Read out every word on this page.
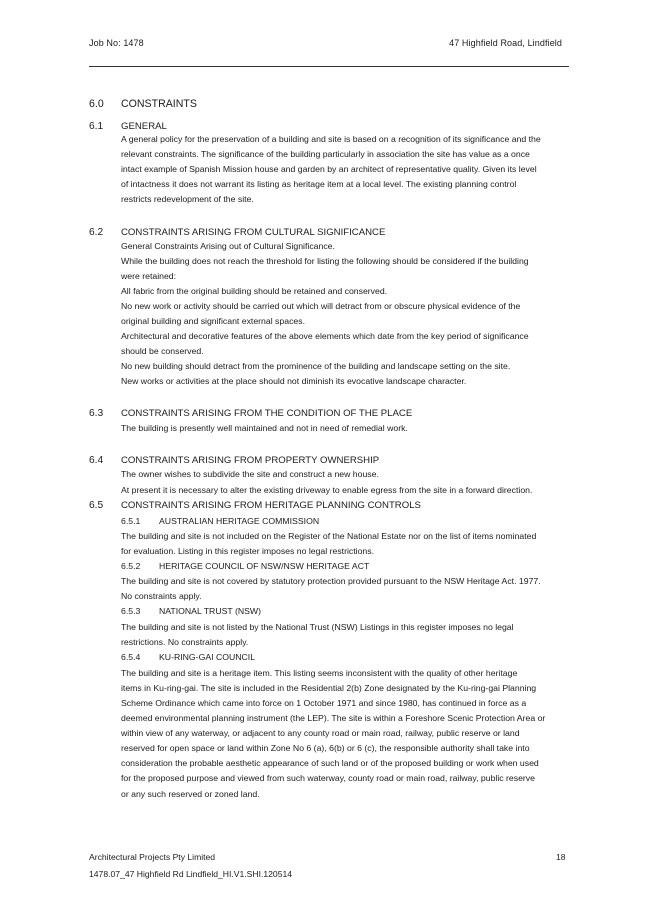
Job No: 1478	47 Highfield Road, Lindfield
6.0 CONSTRAINTS
6.1 GENERAL
A general policy for the preservation of a building and site is based on a recognition of its significance and the
relevant constraints. The significance of the building particularly in association the site has value as a once
intact example of Spanish Mission house and garden by an architect of representative quality. Given its level
of intactness it does not warrant its listing as heritage item at a local level. The existing planning control
restricts redevelopment of the site.
6.2 CONSTRAINTS ARISING FROM CULTURAL SIGNIFICANCE
General Constraints Arising out of Cultural Significance.
While the building does not reach the threshold for listing the following should be considered if the building
were retained:
All fabric from the original building should be retained and conserved.
No new work or activity should be carried out which will detract from or obscure physical evidence of the
original building and significant external spaces.
Architectural and decorative features of the above elements which date from the key period of significance
should be conserved.
No new building should detract from the prominence of the building and landscape setting on the site.
New works or activities at the place should not diminish its evocative landscape character.
6.3 CONSTRAINTS ARISING FROM THE CONDITION OF THE PLACE
The building is presently well maintained and not in need of remedial work.
6.4 CONSTRAINTS ARISING FROM PROPERTY OWNERSHIP
The owner wishes to subdivide the site and construct a new house.
At present it is necessary to alter the existing driveway to enable egress from the site in a forward direction.
6.5 CONSTRAINTS ARISING FROM HERITAGE PLANNING CONTROLS
6.5.1 AUSTRALIAN HERITAGE COMMISSION
The building and site is not included on the Register of the National Estate nor on the list of items nominated
for evaluation. Listing in this register imposes no legal restrictions.
6.5.2 HERITAGE COUNCIL OF NSW/NSW HERITAGE ACT
The building and site is not covered by statutory protection provided pursuant to the NSW Heritage Act. 1977.
No constraints apply.
6.5.3 NATIONAL TRUST (NSW)
The building and site is not listed by the National Trust (NSW) Listings in this register imposes no legal
restrictions. No constraints apply.
6.5.4 KU-RING-GAI COUNCIL
The building and site is a heritage item. This listing seems inconsistent with the quality of other heritage
items in Ku-ring-gai. The site is included in the Residential 2(b) Zone designated by the Ku-ring-gai Planning
Scheme Ordinance which came into force on 1 October 1971 and since 1980, has continued in force as a
deemed environmental planning instrument (the LEP). The site is within a Foreshore Scenic Protection Area or
within view of any waterway, or adjacent to any county road or main road, railway, public reserve or land
reserved for open space or land within Zone No 6 (a), 6(b) or 6 (c), the responsible authority shall take into
consideration the probable aesthetic appearance of such land or of the proposed building or work when used
for the proposed purpose and viewed from such waterway, county road or main road, railway, public reserve
or any such reserved or zoned land.
Architectural Projects Pty Limited
1478.07_47 Highfield Rd Lindfield_HI.V1.SHI.120514
18
